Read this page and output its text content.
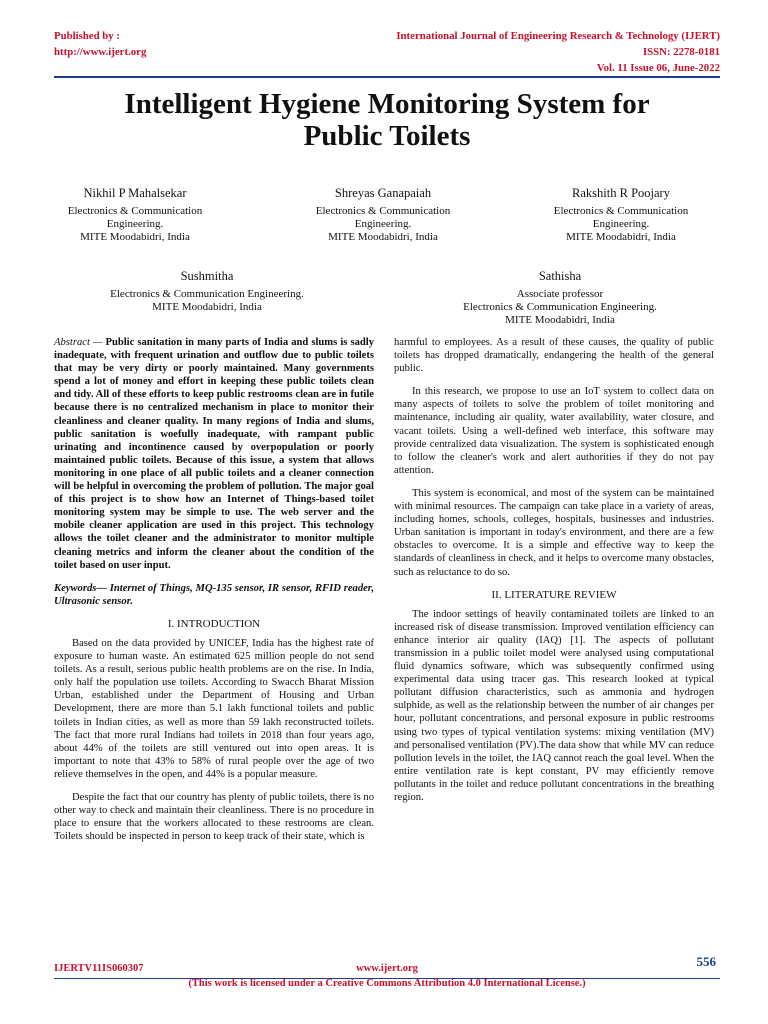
Published by :
http://www.ijert.org
International Journal of Engineering Research & Technology (IJERT)
ISSN: 2278-0181
Vol. 11 Issue 06, June-2022
Intelligent Hygiene Monitoring System for
Public Toilets
Nikhil P Mahalsekar
Electronics & Communication
Engineering.
MITE Moodabidri, India
Shreyas Ganapaiah
Electronics & Communication
Engineering.
MITE Moodabidri, India
Rakshith R Poojary
Electronics & Communication
Engineering.
MITE Moodabidri, India
Sushmitha
Electronics & Communication Engineering.
MITE Moodabidri, India
Sathisha
Associate professor
Electronics & Communication Engineering.
MITE Moodabidri, India

Abstract — Public sanitation in many parts of India and slums is sadly inadequate, with frequent urination and outflow due to public toilets that may be very dirty or poorly maintained. Many governments spend a lot of money and effort in keeping these public toilets clean and tidy. All of these efforts to keep public restrooms clean are in futile because there is no centralized mechanism in place to monitor their cleanliness and cleaner quality. In many regions of India and slums, public sanitation is woefully inadequate, with rampant public urinating and incontinence caused by overpopulation or poorly maintained public toilets. Because of this issue, a system that allows monitoring in one place of all public toilets and a cleaner connection will be helpful in overcoming the problem of pollution. The major goal of this project is to show how an Internet of Things-based toilet monitoring system may be simple to use. The web server and the mobile cleaner application are used in this project. This technology allows the toilet cleaner and the administrator to monitor multiple cleaning metrics and inform the cleaner about the condition of the toilet based on user input.

Keywords— Internet of Things, MQ-135 sensor, IR sensor, RFID reader, Ultrasonic sensor.

I. INTRODUCTION

Based on the data provided by UNICEF, India has the highest rate of exposure to human waste. An estimated 625 million people do not send toilets. As a result, serious public health problems are on the rise. In India, only half the population use toilets. According to Swacch Bharat Mission Urban, established under the Department of Housing and Urban Development, there are more than 5.1 lakh functional toilets and public toilets in Indian cities, as well as more than 59 lakh reconstructed toilets. The fact that more rural Indians had toilets in 2018 than four years ago, about 44% of the toilets are still ventured out into open areas. It is important to note that 43% to 58% of rural people over the age of two relieve themselves in the open, and 44% is a popular measure.

Despite the fact that our country has plenty of public toilets, there is no other way to check and maintain their cleanliness. There is no procedure in place to ensure that the workers allocated to these restrooms are clean. Toilets should be inspected in person to keep track of their state, which is

harmful to employees. As a result of these causes, the quality of public toilets has dropped dramatically, endangering the health of the general public.

In this research, we propose to use an IoT system to collect data on many aspects of toilets to solve the problem of toilet monitoring and maintenance, including air quality, water availability, water closure, and vacant toilets. Using a well-defined web interface, this software may provide centralized data visualization. The system is sophisticated enough to follow the cleaner's work and alert authorities if they do not pay attention.

This system is economical, and most of the system can be maintained with minimal resources. The campaign can take place in a variety of areas, including homes, schools, colleges, hospitals, businesses and industries. Urban sanitation is important in today's environment, and there are a few obstacles to overcome. It is a simple and effective way to keep the standards of cleanliness in check, and it helps to overcome many obstacles, such as reluctance to do so.

II. LITERATURE REVIEW

The indoor settings of heavily contaminated toilets are linked to an increased risk of disease transmission. Improved ventilation efficiency can enhance interior air quality (IAQ) [1]. The aspects of pollutant transmission in a public toilet model were analysed using computational fluid dynamics software, which was subsequently confirmed using experimental data using tracer gas. This research looked at typical pollutant diffusion characteristics, such as ammonia and hydrogen sulphide, as well as the relationship between the number of air changes per hour, pollutant concentrations, and personal exposure in public restrooms using two types of typical ventilation systems: mixing ventilation (MV) and personalised ventilation (PV).The data show that while MV can reduce pollution levels in the toilet, the IAQ cannot reach the goal level. When the entire ventilation rate is kept constant, PV may efficiently remove pollutants in the toilet and reduce pollutant concentrations in the breathing region.

IJERTV11IS060307	www.ijert.org	556
(This work is licensed under a Creative Commons Attribution 4.0 International License.)
